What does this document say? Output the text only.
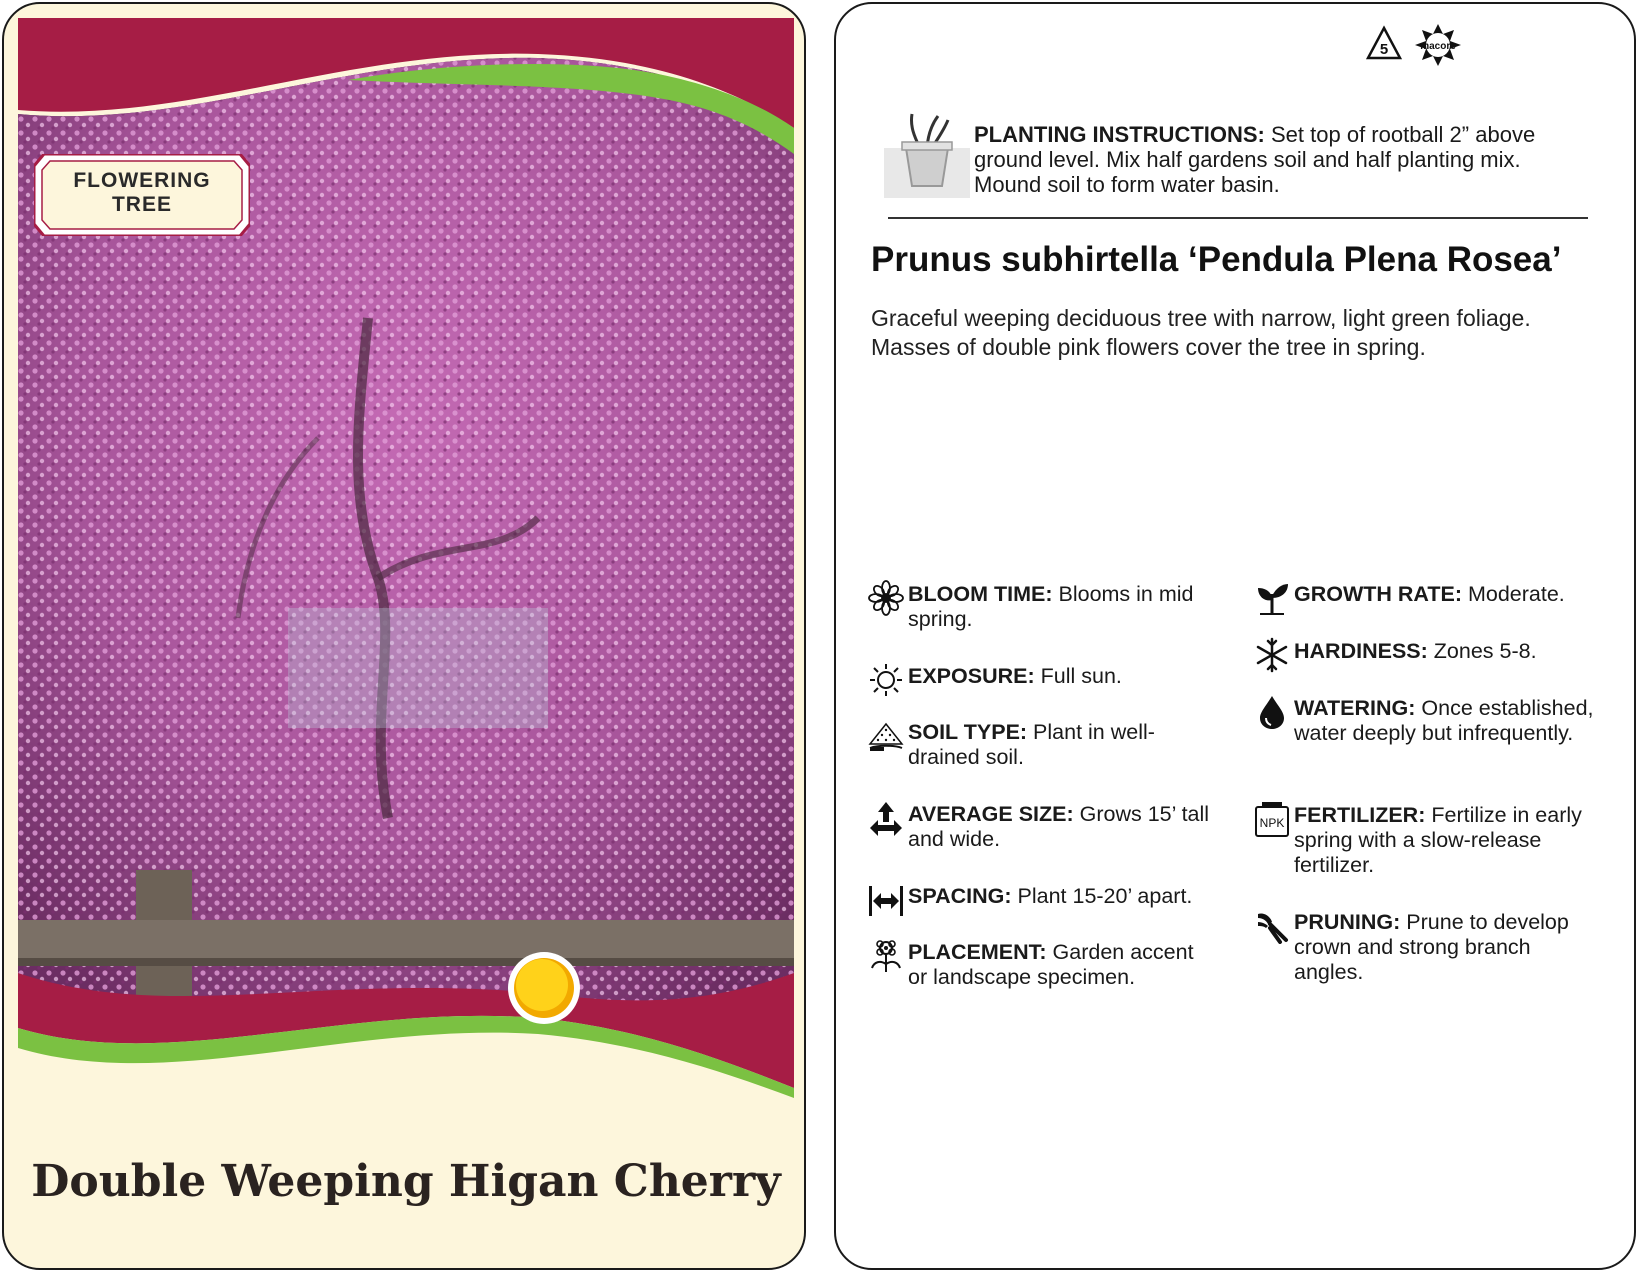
FLOWERING
TREE
Double Weeping Higan Cherry
5	macore
PLANTING INSTRUCTIONS: Set top of rootball 2” above ground level. Mix half gardens soil and half planting mix. Mound soil to form water basin.
Prunus subhirtella ‘Pendula Plena Rosea’
Graceful weeping deciduous tree with narrow, light green foliage. Masses of double pink flowers cover the tree in spring.
BLOOM TIME: Blooms in mid spring.
EXPOSURE: Full sun.
SOIL TYPE: Plant in well-drained soil.
AVERAGE SIZE: Grows 15’ tall and wide.
SPACING: Plant 15-20’ apart.
PLACEMENT: Garden accent or landscape specimen.
GROWTH RATE: Moderate.
HARDINESS: Zones 5-8.
WATERING: Once established, water deeply but infrequently.
NPK FERTILIZER: Fertilize in early spring with a slow-release fertilizer.
PRUNING: Prune to develop crown and strong branch angles.
